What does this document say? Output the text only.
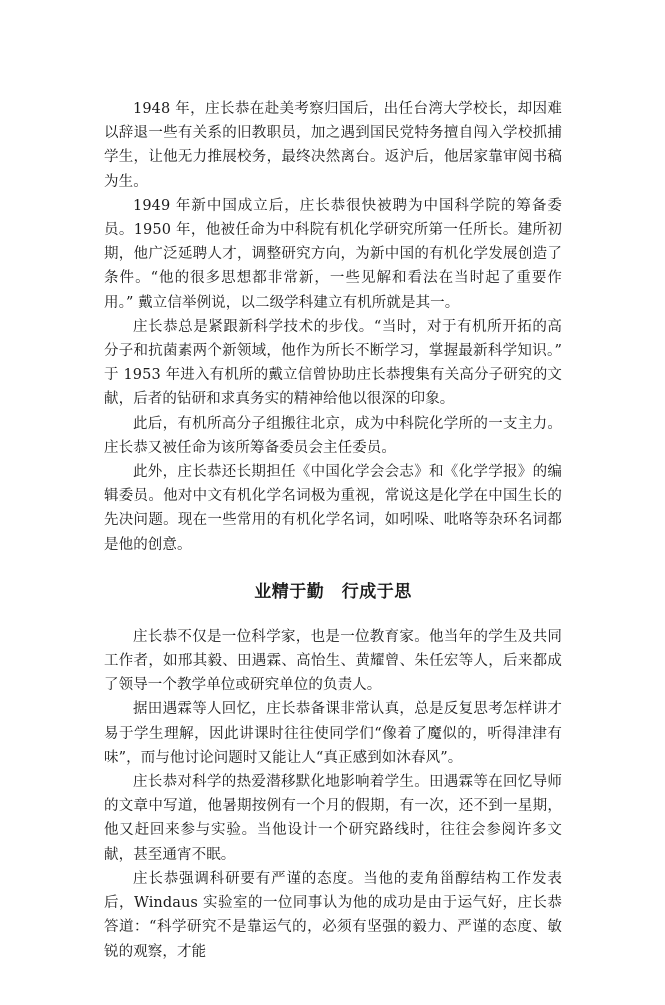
1948 年，庄长恭在赴美考察归国后，出任台湾大学校长，却因难以辞退一些有关系的旧教职员，加之遇到国民党特务擅自闯入学校抓捕学生，让他无力推展校务，最终决然离台。返沪后，他居家靠审阅书稿为生。

1949 年新中国成立后，庄长恭很快被聘为中国科学院的筹备委员。1950 年，他被任命为中科院有机化学研究所第一任所长。建所初期，他广泛延聘人才，调整研究方向，为新中国的有机化学发展创造了条件。“他的很多思想都非常新，一些见解和看法在当时起了重要作用。” 戴立信举例说，以二级学科建立有机所就是其一。

庄长恭总是紧跟新科学技术的步伐。“当时，对于有机所开拓的高分子和抗菌素两个新领域，他作为所长不断学习，掌握最新科学知识。” 于 1953 年进入有机所的戴立信曾协助庄长恭搜集有关高分子研究的文献，后者的钻研和求真务实的精神给他以很深的印象。

此后，有机所高分子组搬往北京，成为中科院化学所的一支主力。庄长恭又被任命为该所筹备委员会主任委员。

此外，庄长恭还长期担任《中国化学会会志》和《化学学报》的编辑委员。他对中文有机化学名词极为重视，常说这是化学在中国生长的先决问题。现在一些常用的有机化学名词，如吲哚、吡咯等杂环名词都是他的创意。

业精于勤　行成于思

庄长恭不仅是一位科学家，也是一位教育家。他当年的学生及共同工作者，如邢其毅、田遇霖、高怡生、黄耀曾、朱任宏等人，后来都成了领导一个教学单位或研究单位的负责人。

据田遇霖等人回忆，庄长恭备课非常认真，总是反复思考怎样讲才易于学生理解，因此讲课时往往使同学们“像着了魔似的，听得津津有味”，而与他讨论问题时又能让人“真正感到如沐春风”。

庄长恭对科学的热爱潜移默化地影响着学生。田遇霖等在回忆导师的文章中写道，他暑期按例有一个月的假期，有一次，还不到一星期，他又赶回来参与实验。当他设计一个研究路线时，往往会参阅许多文献，甚至通宵不眠。

庄长恭强调科研要有严谨的态度。当他的麦角甾醇结构工作发表后，Windaus 实验室的一位同事认为他的成功是由于运气好，庄长恭答道：“科学研究不是靠运气的，必须有坚强的毅力、严谨的态度、敏锐的观察，才能
